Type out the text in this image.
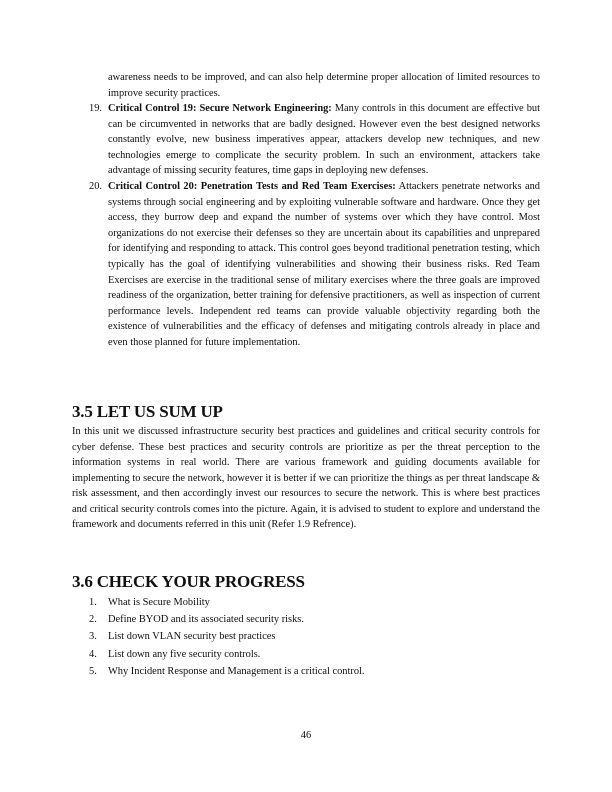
awareness needs to be improved, and can also help determine proper allocation of limited resources to improve security practices.

19. Critical Control 19: Secure Network Engineering: Many controls in this document are effective but can be circumvented in networks that are badly designed. However even the best designed networks constantly evolve, new business imperatives appear, attackers develop new techniques, and new technologies emerge to complicate the security problem. In such an environment, attackers take advantage of missing security features, time gaps in deploying new defenses.
20. Critical Control 20: Penetration Tests and Red Team Exercises: Attackers penetrate networks and systems through social engineering and by exploiting vulnerable software and hardware. Once they get access, they burrow deep and expand the number of systems over which they have control. Most organizations do not exercise their defenses so they are uncertain about its capabilities and unprepared for identifying and responding to attack. This control goes beyond traditional penetration testing, which typically has the goal of identifying vulnerabilities and showing their business risks. Red Team Exercises are exercise in the traditional sense of military exercises where the three goals are improved readiness of the organization, better training for defensive practitioners, as well as inspection of current performance levels. Independent red teams can provide valuable objectivity regarding both the existence of vulnerabilities and the efficacy of defenses and mitigating controls already in place and even those planned for future implementation.
3.5 LET US SUM UP

In this unit we discussed infrastructure security best practices and guidelines and critical security controls for cyber defense. These best practices and security controls are prioritize as per the threat perception to the information systems in real world. There are various framework and guiding documents available for implementing to secure the network, however it is better if we can prioritize the things as per threat landscape & risk assessment, and then accordingly invest our resources to secure the network. This is where best practices and critical security controls comes into the picture. Again, it is advised to student to explore and understand the framework and documents referred in this unit (Refer 1.9 Refrence).

3.6 CHECK YOUR PROGRESS
1. What is Secure Mobility
2. Define BYOD and its associated security risks.
3. List down VLAN security best practices
4. List down any five security controls.
5. Why Incident Response and Management is a critical control.
46
